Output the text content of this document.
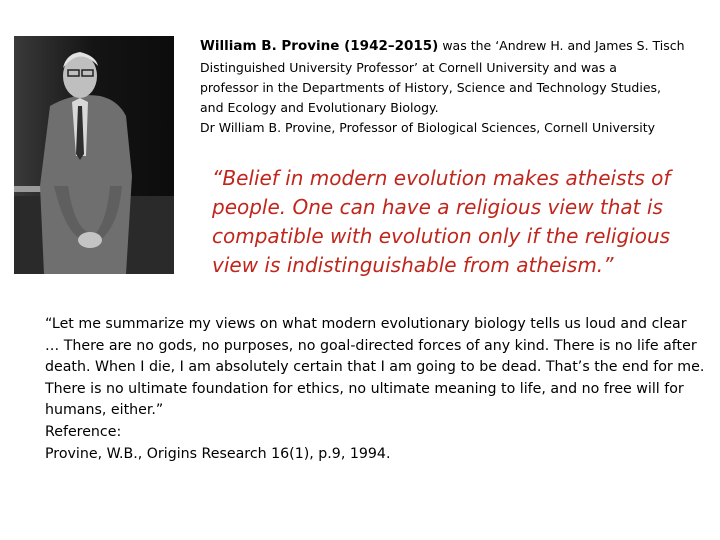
William B. Provine (1942–2015) was the ‘Andrew H. and James S. Tisch

Distinguished University Professor’ at Cornell University and was a

professor in the Departments of History, Science and Technology Studies,

and Ecology and Evolutionary Biology.

Dr William B. Provine, Professor of Biological Sciences, Cornell University

“Belief in modern evolution makes atheists of people. One can have a religious view that is compatible with evolution only if the religious view is indistinguishable from atheism.”

“Let me summarize my views on what modern evolutionary biology tells us loud and clear … There are no gods, no purposes, no goal-directed forces of any kind. There is no life after death. When I die, I am absolutely certain that I am going to be dead. That’s the end for me. There is no ultimate foundation for ethics, no ultimate meaning to life, and no free will for humans, either.”

Reference:

Provine, W.B., Origins Research 16(1), p.9, 1994.
